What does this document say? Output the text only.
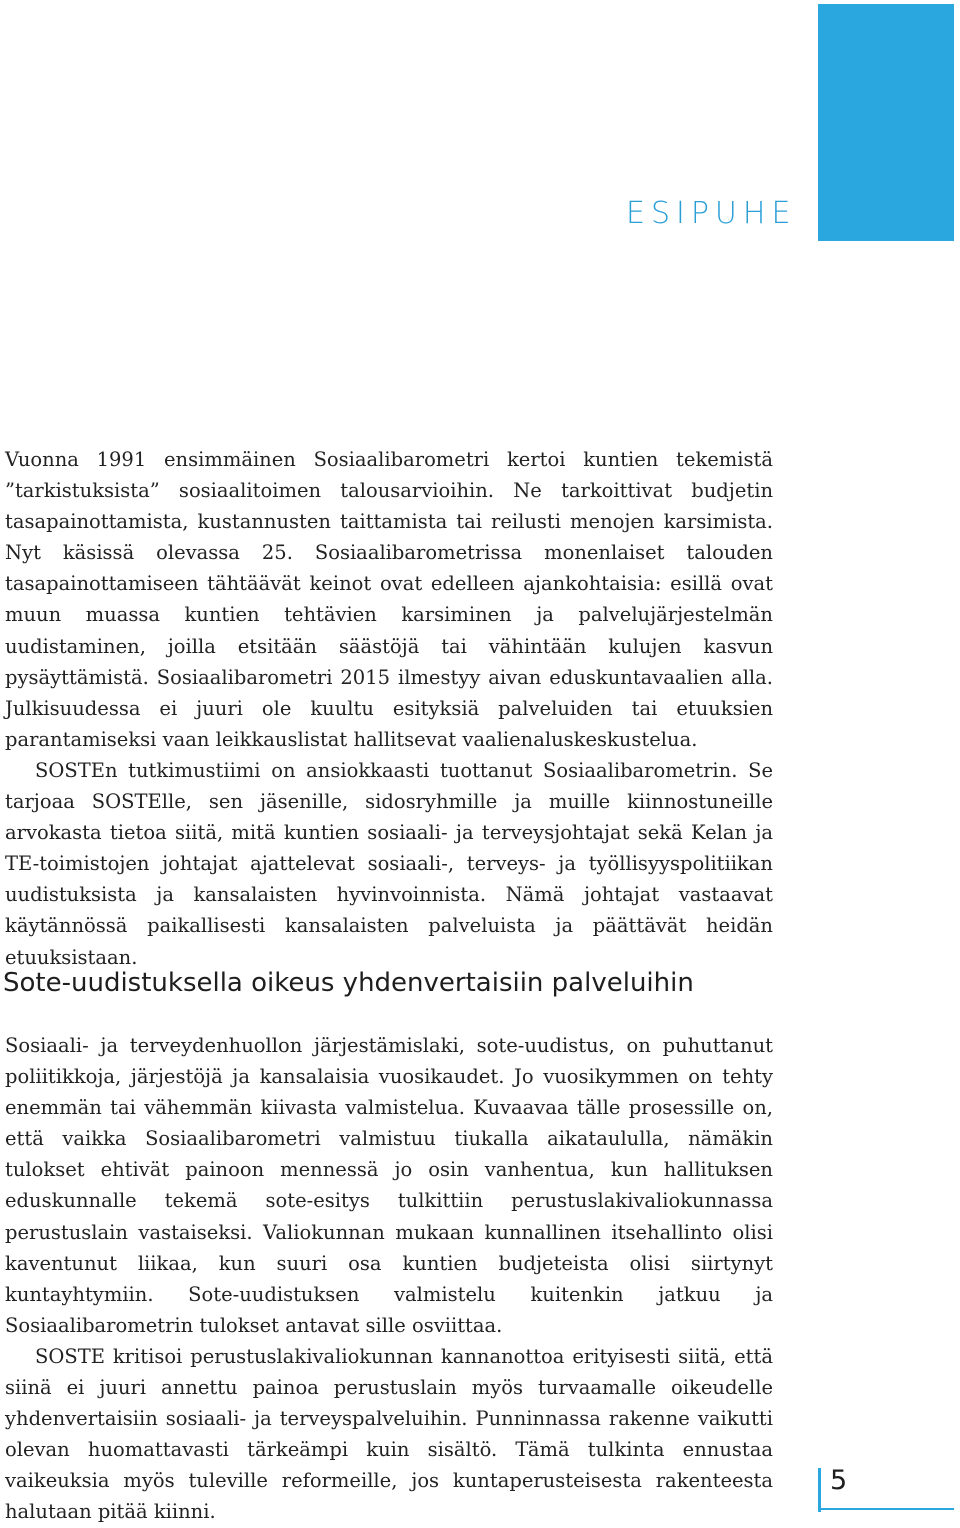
ESIPUHE

Vuonna 1991 ensimmäinen Sosiaalibarometri kertoi kuntien tekemistä ”tarkistuksista” sosiaalitoimen talousarvioihin. Ne tarkoittivat budjetin tasapainottamista, kustannusten taittamista tai reilusti menojen karsimista. Nyt käsissä olevassa 25. Sosiaalibarometrissa monenlaiset talouden tasapainottamiseen tähtäävät keinot ovat edelleen ajankohtaisia: esillä ovat muun muassa kuntien tehtävien karsiminen ja palvelujärjestelmän uudistaminen, joilla etsitään säästöjä tai vähintään kulujen kasvun pysäyttämistä. Sosiaalibarometri 2015 ilmestyy aivan eduskuntavaalien alla. Julkisuudessa ei juuri ole kuultu esityksiä palveluiden tai etuuksien parantamiseksi vaan leikkauslistat hallitsevat vaalienaluskeskustelua.

SOSTEn tutkimustiimi on ansiokkaasti tuottanut Sosiaalibarometrin. Se tarjoaa SOSTElle, sen jäsenille, sidosryhmille ja muille kiinnostuneille arvokasta tietoa siitä, mitä kuntien sosiaali- ja terveysjohtajat sekä Kelan ja TE-toimistojen johtajat ajattelevat sosiaali-, terveys- ja työllisyyspolitiikan uudistuksista ja kansalaisten hyvinvoinnista. Nämä johtajat vastaavat käytännössä paikallisesti kansalaisten palveluista ja päättävät heidän etuuksistaan.

Sote-uudistuksella oikeus yhdenvertaisiin palveluihin

Sosiaali- ja terveydenhuollon järjestämislaki, sote-uudistus, on puhuttanut poliitikkoja, järjestöjä ja kansalaisia vuosikaudet. Jo vuosikymmen on tehty enemmän tai vähemmän kiivasta valmistelua. Kuvaavaa tälle prosessille on, että vaikka Sosiaalibarometri valmistuu tiukalla aikataululla, nämäkin tulokset ehtivät painoon mennessä jo osin vanhentua, kun hallituksen eduskunnalle tekemä sote-esitys tulkittiin perustuslakivaliokunnassa perustuslain vastaiseksi. Valiokunnan mukaan kunnallinen itsehallinto olisi kaventunut liikaa, kun suuri osa kuntien budjeteista olisi siirtynyt kuntayhtymiin. Sote-uudistuksen valmistelu kuitenkin jatkuu ja Sosiaalibarometrin tulokset antavat sille osviittaa.

SOSTE kritisoi perustuslakivaliokunnan kannanottoa erityisesti siitä, että siinä ei juuri annettu painoa perustuslain myös turvaamalle oikeudelle yhdenvertaisiin sosiaali- ja terveyspalveluihin. Punninnassa rakenne vaikutti olevan huomattavasti tärkeämpi kuin sisältö. Tämä tulkinta ennustaa vaikeuksia myös tuleville reformeille, jos kuntaperusteisesta rakenteesta halutaan pitää kiinni.

5
